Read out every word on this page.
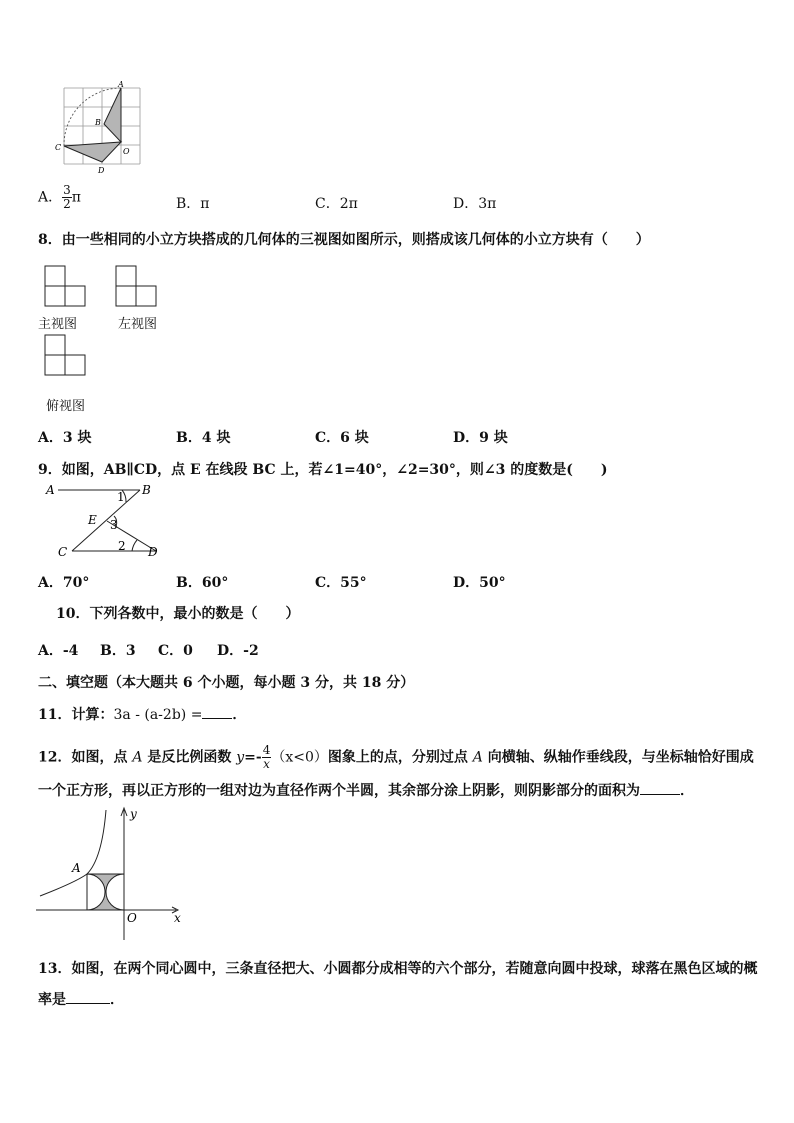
A
B
C	O
D
A． $\frac{3}{2}$ π	B．π	C．2π	D．3π
8．由一些相同的小立方块搭成的几何体的三视图如图所示，则搭成该几何体的小立方块有（　　）
主视图	左视图
俯视图
A．3 块	B．4 块	C．6 块	D．9 块
9．如图，AB∥CD，点 E 在线段 BC 上，若∠1=40°，∠2=30°，则∠3 的度数是(　　)
A	B
1
E 3
C	2 D
A．70°	B．60°	C．55°	D．50°
10．下列各数中，最小的数是（　　）
A．-4 B．3 C．0 D．-2
二、填空题（本大题共 6 个小题，每小题 3 分，共 18 分）
11．计算：3a - (a-2b) = ．
12．如图，点 A 是反比例函数 $y=- \frac{4}{x} (x<0)$图象上的点，分别过点 A 向横轴、纵轴作垂线段，与坐标轴恰好围成
一个正方形，再以正方形的一组对边为直径作两个半圆，其余部分涂上阴影，则阴影部分的面积为	．
y
x
A
O
13．如图，在两个同心圆中，三条直径把大、小圆都分成相等的六个部分，若随意向圆中投球，球落在黑色区域的概
率是	．
